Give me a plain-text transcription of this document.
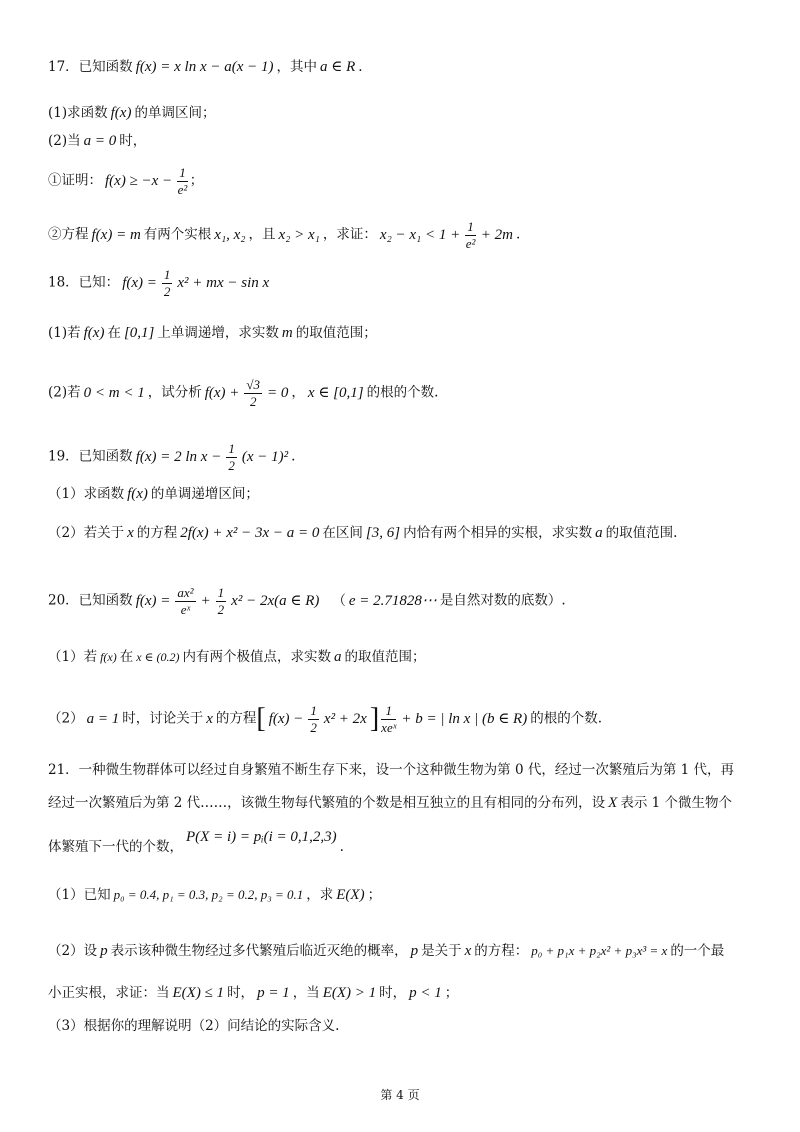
17．已知函数 f(x) = x ln x − a(x − 1) ，其中 a ∈ R .
(1)求函数 f(x) 的单调区间；
(2)当 a = 0 时，
①证明： $f(x) \ge -x - \frac{1}{\text{e²}}$ ；
②方程 f(x) = m 有两个实根 x₁, x₂ ，且 x₂ > x₁ ，求证： $x_2 - x_1 < 1 + \frac{1}{\text{e²}} + 2m$ .
18．已知： $f(x) = \frac{1}{2} x^2$ + mx − sin x
(1)若 f(x) 在 [0,1] 上单调递增，求实数 m 的取值范围；
(2)若 0 < m < 1 ，试分析 $f(x) + \frac{√3}{2} = 0$ ， x ∈ [0,1] 的根的个数.
19．已知函数 f(x) = 2 $\ln x - \frac{1}{2} (x - 1)^2$ .
（1）求函数 f(x) 的单调递增区间；
（2）若关于 x 的方程 2f(x) + x² − 3x − a = 0 在区间 [3, 6] 内恰有两个相异的实根，求实数 a 的取值范围.
20．已知函数 $f(x) = \frac{\text{ax²}}{\text{eˣ}} + \frac{1}{2} x^2 - 2x(a$ ∈ R) （ e = 2.71828⋯ 是自然对数的底数）.
（1）若 f(x) 在 x ∈ (0.2) 内有两个极值点，求实数 a 的取值范围；
（2） a = 1 时，讨论关于 x 的方程[ $f(x) - \frac{1}{2} x^2 + 2x$ ] $\frac{1}{\text{xeˣ}} + b$ = | ln x | (b ∈ R) 的根的个数.
21．一种微生物群体可以经过自身繁殖不断生存下来，设一个这种微生物为第 0 代，经过一次繁殖后为第 1 代，再
经过一次繁殖后为第 2 代……，该微生物每代繁殖的个数是相互独立的且有相同的分布列，设 X 表示 1 个微生物个
体繁殖下一代的个数，P(X = i) = pᵢ(i = 0,1,2,3).
（1）已知 p₀ = 0.4, p₁ = 0.3, p₂ = 0.2, p₃ = 0.1 ，求 E(X) ；
（2）设 p 表示该种微生物经过多代繁殖后临近灭绝的概率， p 是关于 x 的方程： p₀ + p₁x + p₂x² + p₃x³ = x 的一个最
小正实根，求证：当 E(X) ≤ 1 时， p = 1 ，当 E(X) > 1 时， p < 1 ；
（3）根据你的理解说明（2）问结论的实际含义.
第 4 页
